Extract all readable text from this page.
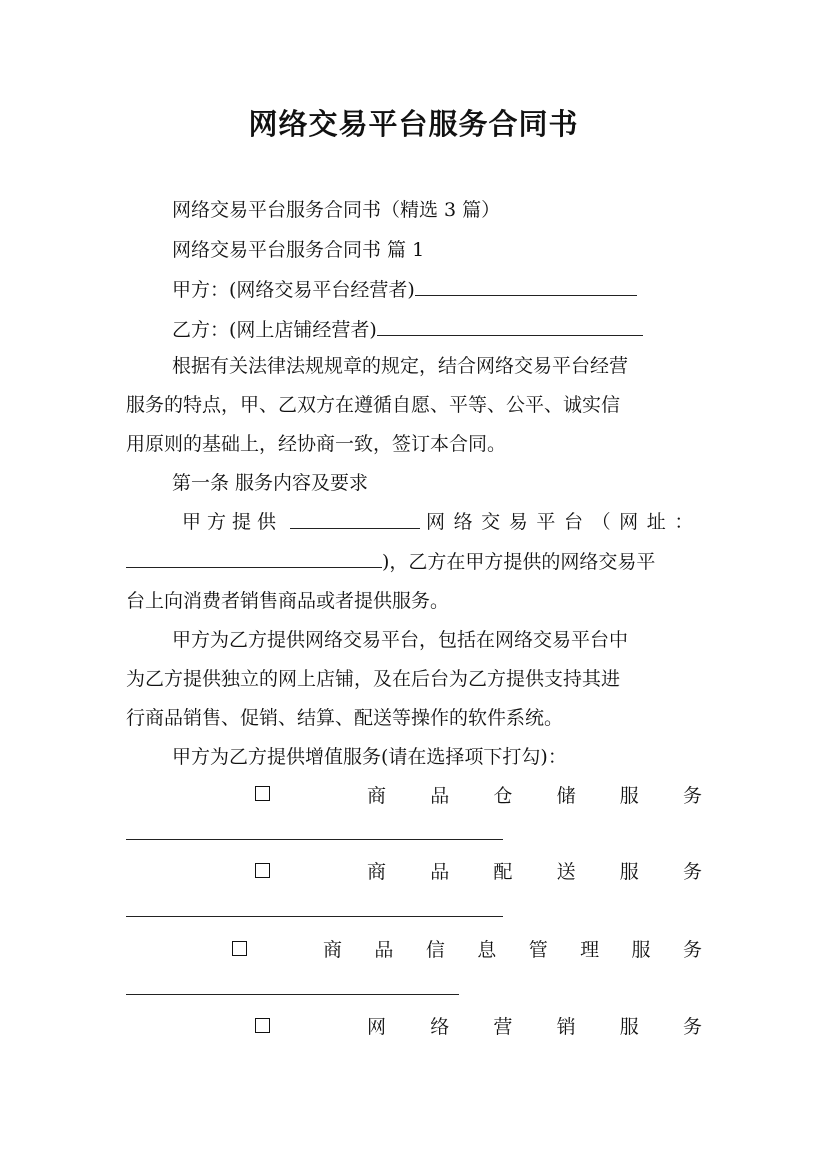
网络交易平台服务合同书
网络交易平台服务合同书（精选 3 篇）
网络交易平台服务合同书 篇 1
甲方：(网络交易平台经营者)
乙方：(网上店铺经营者)
根据有关法律法规规章的规定，结合网络交易平台经营
服务的特点，甲、乙双方在遵循自愿、平等、公平、诚实信
用原则的基础上，经协商一致，签订本合同。
第一条 服务内容及要求
甲方提供	网络交易平台（网址：
)，乙方在甲方提供的网络交易平
台上向消费者销售商品或者提供服务。
甲方为乙方提供网络交易平台，包括在网络交易平台中
为乙方提供独立的网上店铺，及在后台为乙方提供支持其进
行商品销售、促销、结算、配送等操作的软件系统。
甲方为乙方提供增值服务(请在选择项下打勾)：
商 品 仓 储 服 务
商 品 配 送 服 务
商 品 信 息 管 理 服 务
网 络 营 销 服 务
